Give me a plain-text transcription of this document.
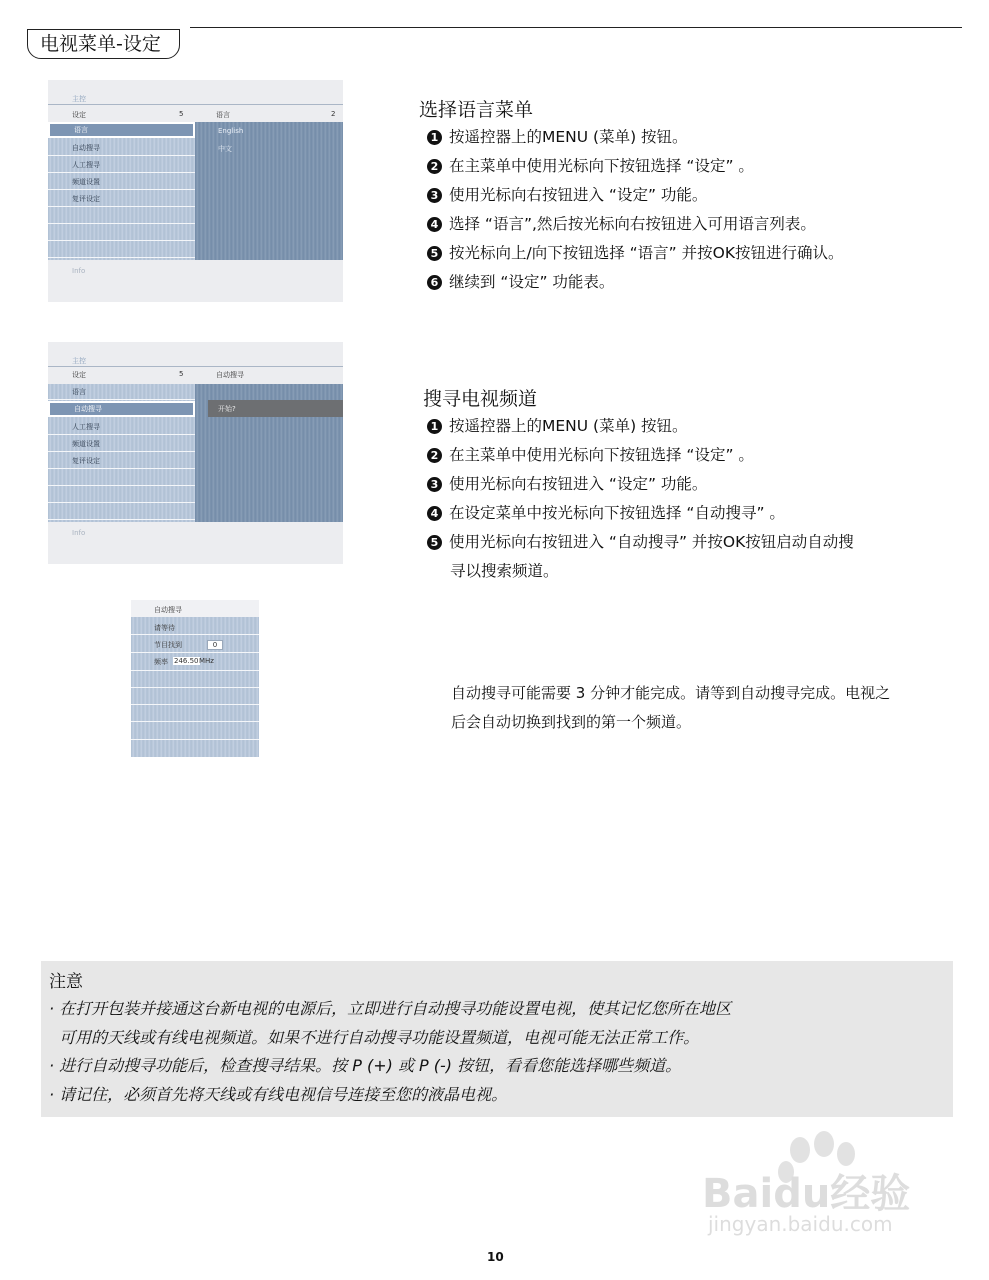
电视菜单-设定
主控
设定	5	语言	2
语言
自动搜寻
人工搜寻
频道设置
复评设定
English
中文
Info
主控
设定	5	自动搜寻
语言
自动搜寻
人工搜寻
频道设置
复评设定
开始?
Info
自动搜寻
请等待
节目找到	0
频率 246.50 MHz
选择语言菜单
1 按遥控器上的MENU (菜单) 按钮。
2 在主菜单中使用光标向下按钮选择 “设定” 。
3 使用光标向右按钮进入 “设定” 功能。
4 选择 “语言”,然后按光标向右按钮进入可用语言列表。
5 按光标向上/向下按钮选择 “语言” 并按OK按钮进行确认。
6 继续到 “设定” 功能表。
搜寻电视频道
1 按遥控器上的MENU (菜单) 按钮。
2 在主菜单中使用光标向下按钮选择 “设定” 。
3 使用光标向右按钮进入 “设定” 功能。
4 在设定菜单中按光标向下按钮选择 “自动搜寻” 。
5 使用光标向右按钮进入 “自动搜寻” 并按OK按钮启动自动搜
寻以搜索频道。
自动搜寻可能需要 3 分钟才能完成。请等到自动搜寻完成。电视之
后会自动切换到找到的第一个频道。
注意
· 在打开包装并接通这台新电视的电源后，立即进行自动搜寻功能设置电视，使其记忆您所在地区
可用的天线或有线电视频道。如果不进行自动搜寻功能设置频道，电视可能无法正常工作。
· 进行自动搜寻功能后，检查搜寻结果。按 P (+) 或 P (-) 按钮，看看您能选择哪些频道。
· 请记住，必须首先将天线或有线电视信号连接至您的液晶电视。
Baidu经验
jingyan.baidu.com
10
